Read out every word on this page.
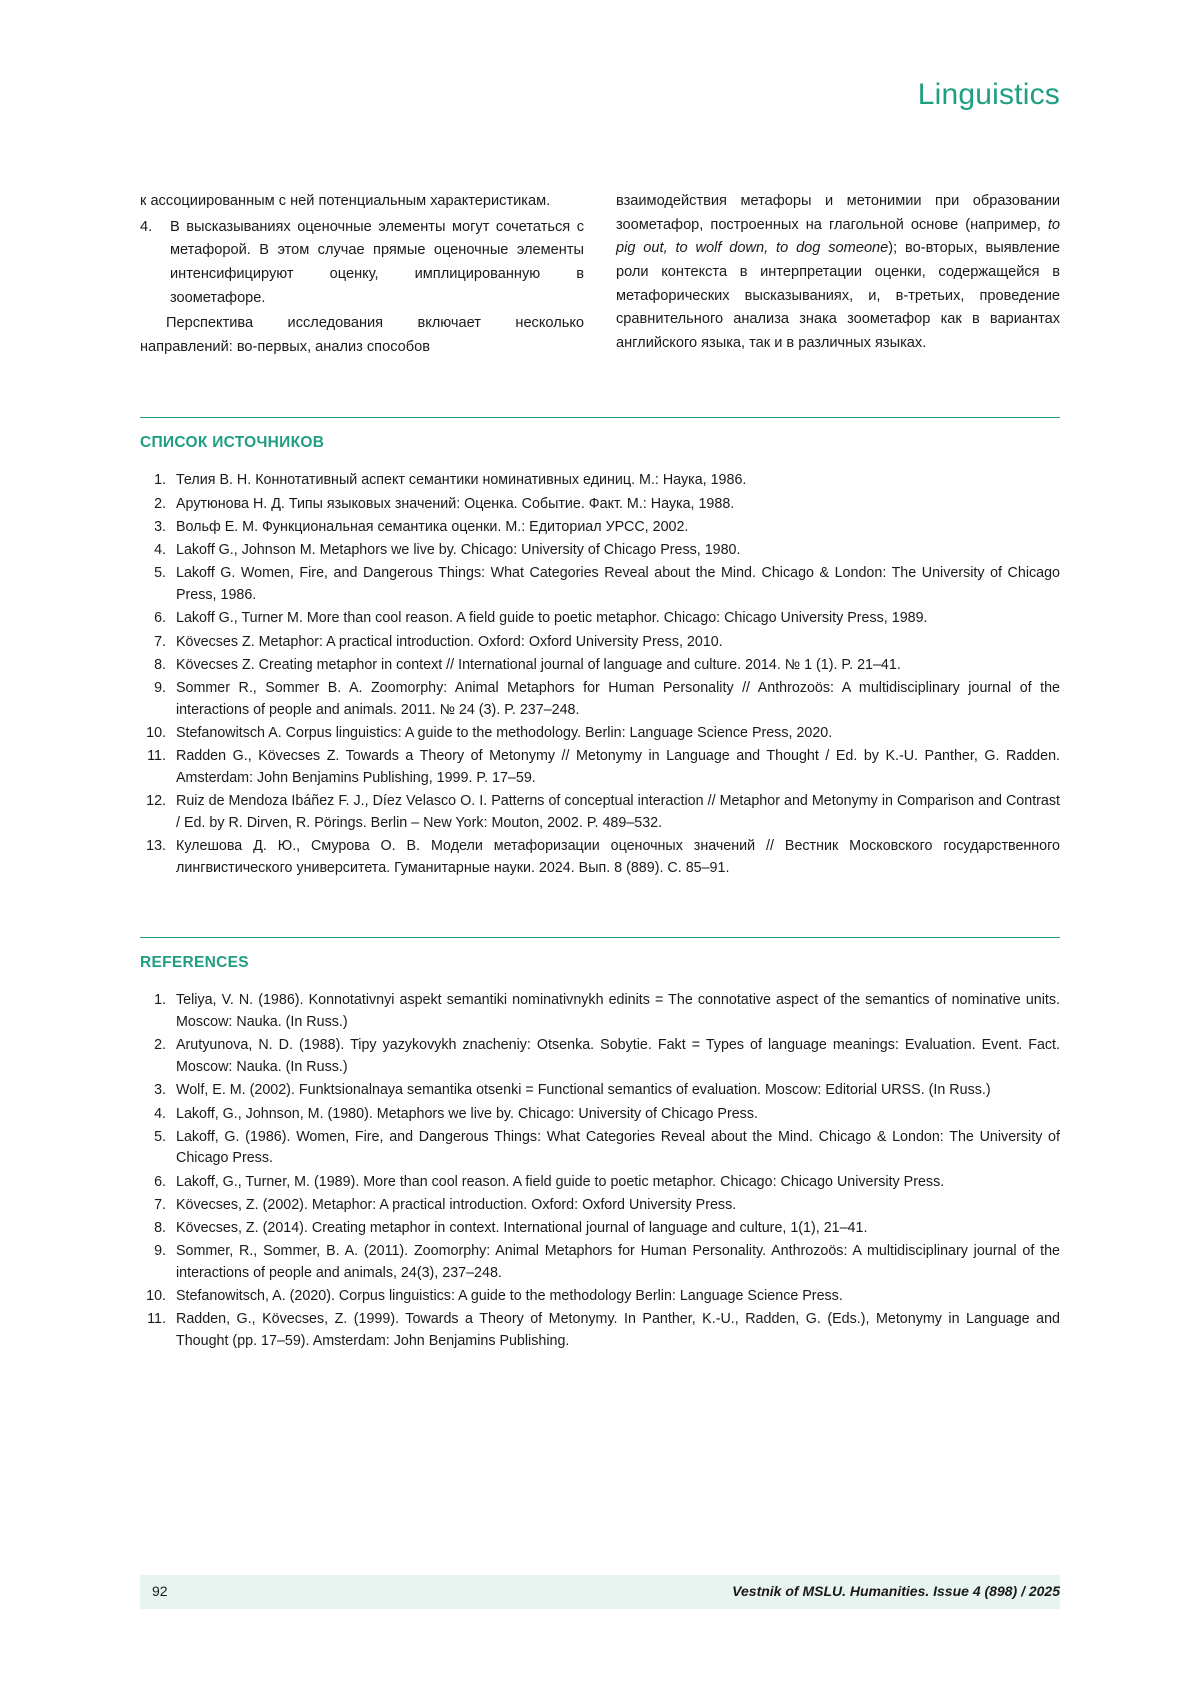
Linguistics

к ассоциированным с ней потенциальным характеристикам.

4.	В высказываниях оценочные элементы могут сочетаться с метафорой. В этом случае прямые оценочные элементы интенсифицируют оценку, имплицированную в зоометафоре.

Перспектива исследования включает несколько направлений: во-первых, анализ способов

взаимодействия метафоры и метонимии при образовании зоометафор, построенных на глагольной основе (например, to pig out, to wolf down, to dog someone); во-вторых, выявление роли контекста в интерпретации оценки, содержащейся в метафорических высказываниях, и, в-третьих, проведение сравнительного анализа знака зоометафор как в вариантах английского языка, так и в различных языках.

СПИСОК ИСТОЧНИКОВ
1. Телия В. Н. Коннотативный аспект семантики номинативных единиц. М.: Наука, 1986.
2. Арутюнова Н. Д. Типы языковых значений: Оценка. Событие. Факт. М.: Наука, 1988.
3. Вольф Е. М. Функциональная семантика оценки. М.: Едиториал УРСС, 2002.
4. Lakoff G., Johnson M. Metaphors we live by. Chicago: University of Chicago Press, 1980.
5. Lakoff G. Women, Fire, and Dangerous Things: What Categories Reveal about the Mind. Chicago & London: The University of Chicago Press, 1986.
6. Lakoff G., Turner M. More than cool reason. A field guide to poetic metaphor. Chicago: Chicago University Press, 1989.
7. Kövecses Z. Metaphor: A practical introduction. Oxford: Oxford University Press, 2010.
8. Kövecses Z. Creating metaphor in context // International journal of language and culture. 2014. № 1 (1). P. 21–41.
9. Sommer R., Sommer B. A. Zoomorphy: Animal Metaphors for Human Personality // Anthrozoös: A multidisciplinary journal of the interactions of people and animals. 2011. № 24 (3). P. 237–248.
10. Stefanowitsch A. Corpus linguistics: A guide to the methodology. Berlin: Language Science Press, 2020.
11. Radden G., Kövecses Z. Towards a Theory of Metonymy // Metonymy in Language and Thought / Ed. by K.-U. Panther, G. Radden. Amsterdam: John Benjamins Publishing, 1999. P. 17–59.
12. Ruiz de Mendoza Ibáñez F. J., Díez Velasco O. I. Patterns of conceptual interaction // Metaphor and Metonymy in Comparison and Contrast / Ed. by R. Dirven, R. Pörings. Berlin – New York: Mouton, 2002. P. 489–532.
13. Кулешова Д. Ю., Смурова О. В. Модели метафоризации оценочных значений // Вестник Московского государственного лингвистического университета. Гуманитарные науки. 2024. Вып. 8 (889). С. 85–91.
REFERENCES
1. Teliya, V. N. (1986). Konnotativnyi aspekt semantiki nominativnykh edinits = The connotative aspect of the semantics of nominative units. Moscow: Nauka. (In Russ.)
2. Arutyunova, N. D. (1988). Tipy yazykovykh znacheniy: Otsenka. Sobytie. Fakt = Types of language meanings: Evaluation. Event. Fact. Moscow: Nauka. (In Russ.)
3. Wolf, E. M. (2002). Funktsionalnaya semantika otsenki = Functional semantics of evaluation. Moscow: Editorial URSS. (In Russ.)
4. Lakoff, G., Johnson, M. (1980). Metaphors we live by. Chicago: University of Chicago Press.
5. Lakoff, G. (1986). Women, Fire, and Dangerous Things: What Categories Reveal about the Mind. Chicago & London: The University of Chicago Press.
6. Lakoff, G., Turner, M. (1989). More than cool reason. A field guide to poetic metaphor. Chicago: Chicago University Press.
7. Kövecses, Z. (2002). Metaphor: A practical introduction. Oxford: Oxford University Press.
8. Kövecses, Z. (2014). Creating metaphor in context. International journal of language and culture, 1(1), 21–41.
9. Sommer, R., Sommer, B. A. (2011). Zoomorphy: Animal Metaphors for Human Personality. Anthrozoös: A multidisciplinary journal of the interactions of people and animals, 24(3), 237–248.
10. Stefanowitsch, A. (2020). Corpus linguistics: A guide to the methodology Berlin: Language Science Press.
11. Radden, G., Kövecses, Z. (1999). Towards a Theory of Metonymy. In Panther, K.-U., Radden, G. (Eds.), Metonymy in Language and Thought (pp. 17–59). Amsterdam: John Benjamins Publishing.
92	Vestnik of MSLU. Humanities. Issue 4 (898) / 2025
